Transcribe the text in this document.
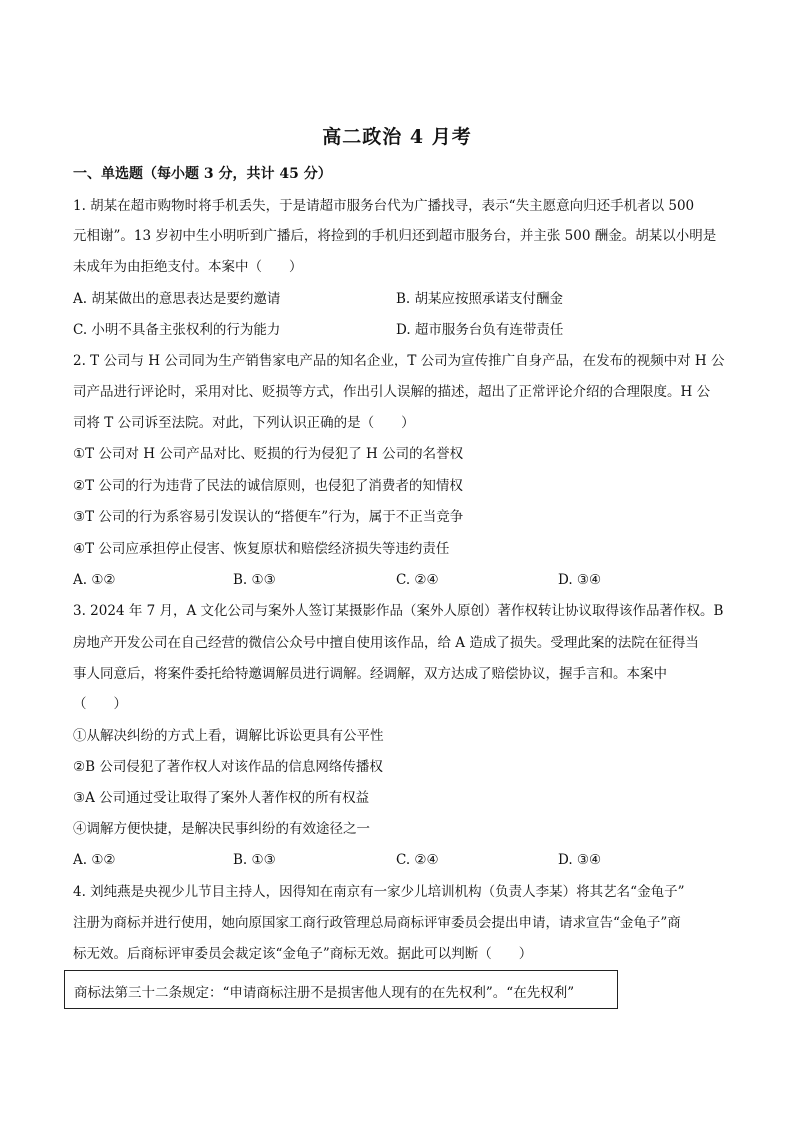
高二政治 4 月考
一、单选题（每小题 3 分，共计 45 分）
1. 胡某在超市购物时将手机丢失，于是请超市服务台代为广播找寻，表示“失主愿意向归还手机者以 500
元相谢”。13 岁初中生小明听到广播后，将捡到的手机归还到超市服务台，并主张 500 酬金。胡某以小明是
未成年为由拒绝支付。本案中（　　）
A. 胡某做出的意思表达是要约邀请	B. 胡某应按照承诺支付酬金
C. 小明不具备主张权利的行为能力	D. 超市服务台负有连带责任
2. T 公司与 H 公司同为生产销售家电产品的知名企业，T 公司为宣传推广自身产品，在发布的视频中对 H 公
司产品进行评论时，采用对比、贬损等方式，作出引人误解的描述，超出了正常评论介绍的合理限度。H 公
司将 T 公司诉至法院。对此，下列认识正确的是（　　）
①T 公司对 H 公司产品对比、贬损的行为侵犯了 H 公司的名誉权
②T 公司的行为违背了民法的诚信原则，也侵犯了消费者的知情权
③T 公司的行为系容易引发误认的“搭便车”行为，属于不正当竞争
④T 公司应承担停止侵害、恢复原状和赔偿经济损失等违约责任
A. ①②	B. ①③	C. ②④	D. ③④
3. 2024 年 7 月，A 文化公司与案外人签订某摄影作品（案外人原创）著作权转让协议取得该作品著作权。B
房地产开发公司在自己经营的微信公众号中擅自使用该作品，给 A 造成了损失。受理此案的法院在征得当
事人同意后，将案件委托给特邀调解员进行调解。经调解，双方达成了赔偿协议，握手言和。本案中
（　　）
①从解决纠纷的方式上看，调解比诉讼更具有公平性
②B 公司侵犯了著作权人对该作品的信息网络传播权
③A 公司通过受让取得了案外人著作权的所有权益
④调解方便快捷，是解决民事纠纷的有效途径之一
A. ①②	B. ①③	C. ②④	D. ③④
4. 刘纯燕是央视少儿节目主持人，因得知在南京有一家少儿培训机构（负责人李某）将其艺名“金龟子”
注册为商标并进行使用，她向原国家工商行政管理总局商标评审委员会提出申请，请求宣告“金龟子”商
标无效。后商标评审委员会裁定该“金龟子”商标无效。据此可以判断（　　）
商标法第三十二条规定：“申请商标注册不是损害他人现有的在先权利”。“在先权利”
